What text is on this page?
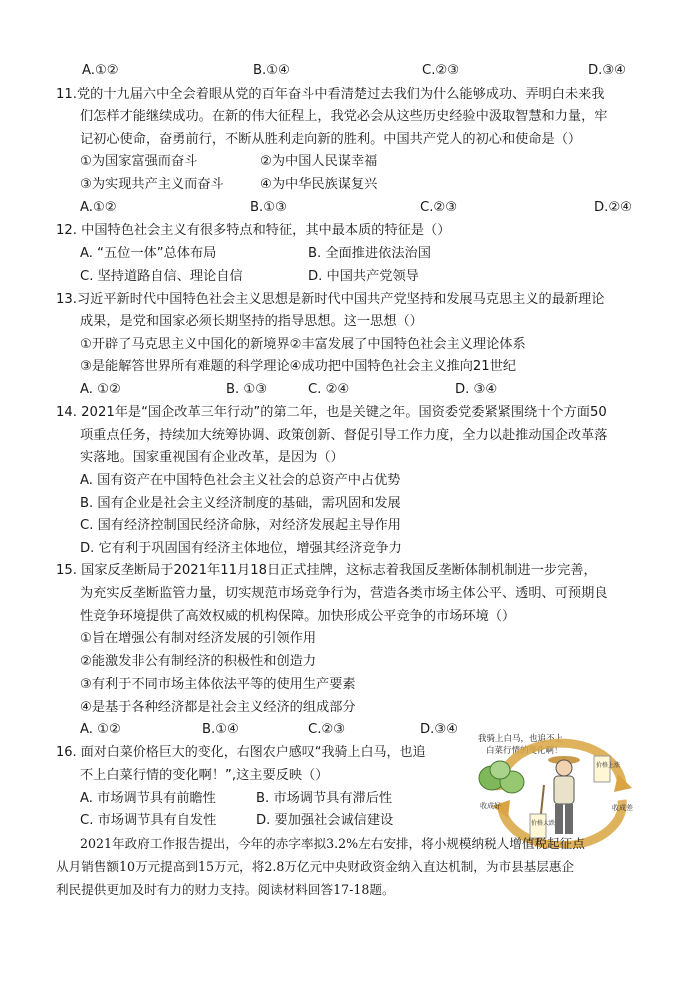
A.①②	B.①④	C.②③	D.③④
11.党的十九届六中全会着眼从党的百年奋斗中看清楚过去我们为什么能够成功、弄明白未来我
们怎样才能继续成功。在新的伟大征程上，我党必会从这些历史经验中汲取智慧和力量，牢
记初心使命，奋勇前行，不断从胜利走向新的胜利。中国共产党人的初心和使命是（）
①为国家富强而奋斗	②为中国人民谋幸福
③为实现共产主义而奋斗	④为中华民族谋复兴
A.①②	B.①③	C.②③	D.②④
12. 中国特色社会主义有很多特点和特征，其中最本质的特征是（）
A. “五位一体”总体布局	B. 全面推进依法治国
C. 坚持道路自信、理论自信	D. 中国共产党领导
13.习近平新时代中国特色社会主义思想是新时代中国共产党坚持和发展马克思主义的最新理论
成果，是党和国家必须长期坚持的指导思想。这一思想（）
①开辟了马克思主义中国化的新境界②丰富发展了中国特色社会主义理论体系
③是能解答世界所有难题的科学理论④成功把中国特色社会主义推向21世纪
A. ①②	B. ①③	C. ②④	D. ③④
14. 2021年是“国企改革三年行动”的第二年，也是关键之年。国资委党委紧紧围绕十个方面50
项重点任务，持续加大统筹协调、政策创新、督促引导工作力度，全力以赴推动国企改革落
实落地。国家重视国有企业改革，是因为（）
A. 国有资产在中国特色社会主义社会的总资产中占优势
B. 国有企业是社会主义经济制度的基础，需巩固和发展
C. 国有经济控制国民经济命脉，对经济发展起主导作用
D. 它有利于巩固国有经济主体地位，增强其经济竞争力
15. 国家反垄断局于2021年11月18日正式挂牌，这标志着我国反垄断体制机制进一步完善，
为充实反垄断监管力量，切实规范市场竞争行为，营造各类市场主体公平、透明、可预期良
性竞争环境提供了高效权威的机构保障。加快形成公平竞争的市场环境（）
①旨在增强公有制对经济发展的引领作用
②能激发非公有制经济的积极性和创造力
③有利于不同市场主体依法平等的使用生产要素
④是基于各种经济都是社会主义经济的组成部分
A. ①②	B.①④	C.②③	D.③④
16. 面对白菜价格巨大的变化，右图农户感叹“我骑上白马，也追
不上白菜行情的变化啊！”,这主要反映（）
A. 市场调节具有前瞻性	B. 市场调节具有滞后性
C. 市场调节具有自发性	D. 要加强社会诚信建设
我骑上白马，也追不上
白菜行情的变化啊！
价格上涨
收成好
价格大跌
收成差
2021年政府工作报告提出，今年的赤字率拟3.2%左右安排，将小规模纳税人增值税起征点
从月销售额10万元提高到15万元，将2.8万亿元中央财政资金纳入直达机制，为市县基层惠企
利民提供更加及时有力的财力支持。阅读材料回答17-18题。
